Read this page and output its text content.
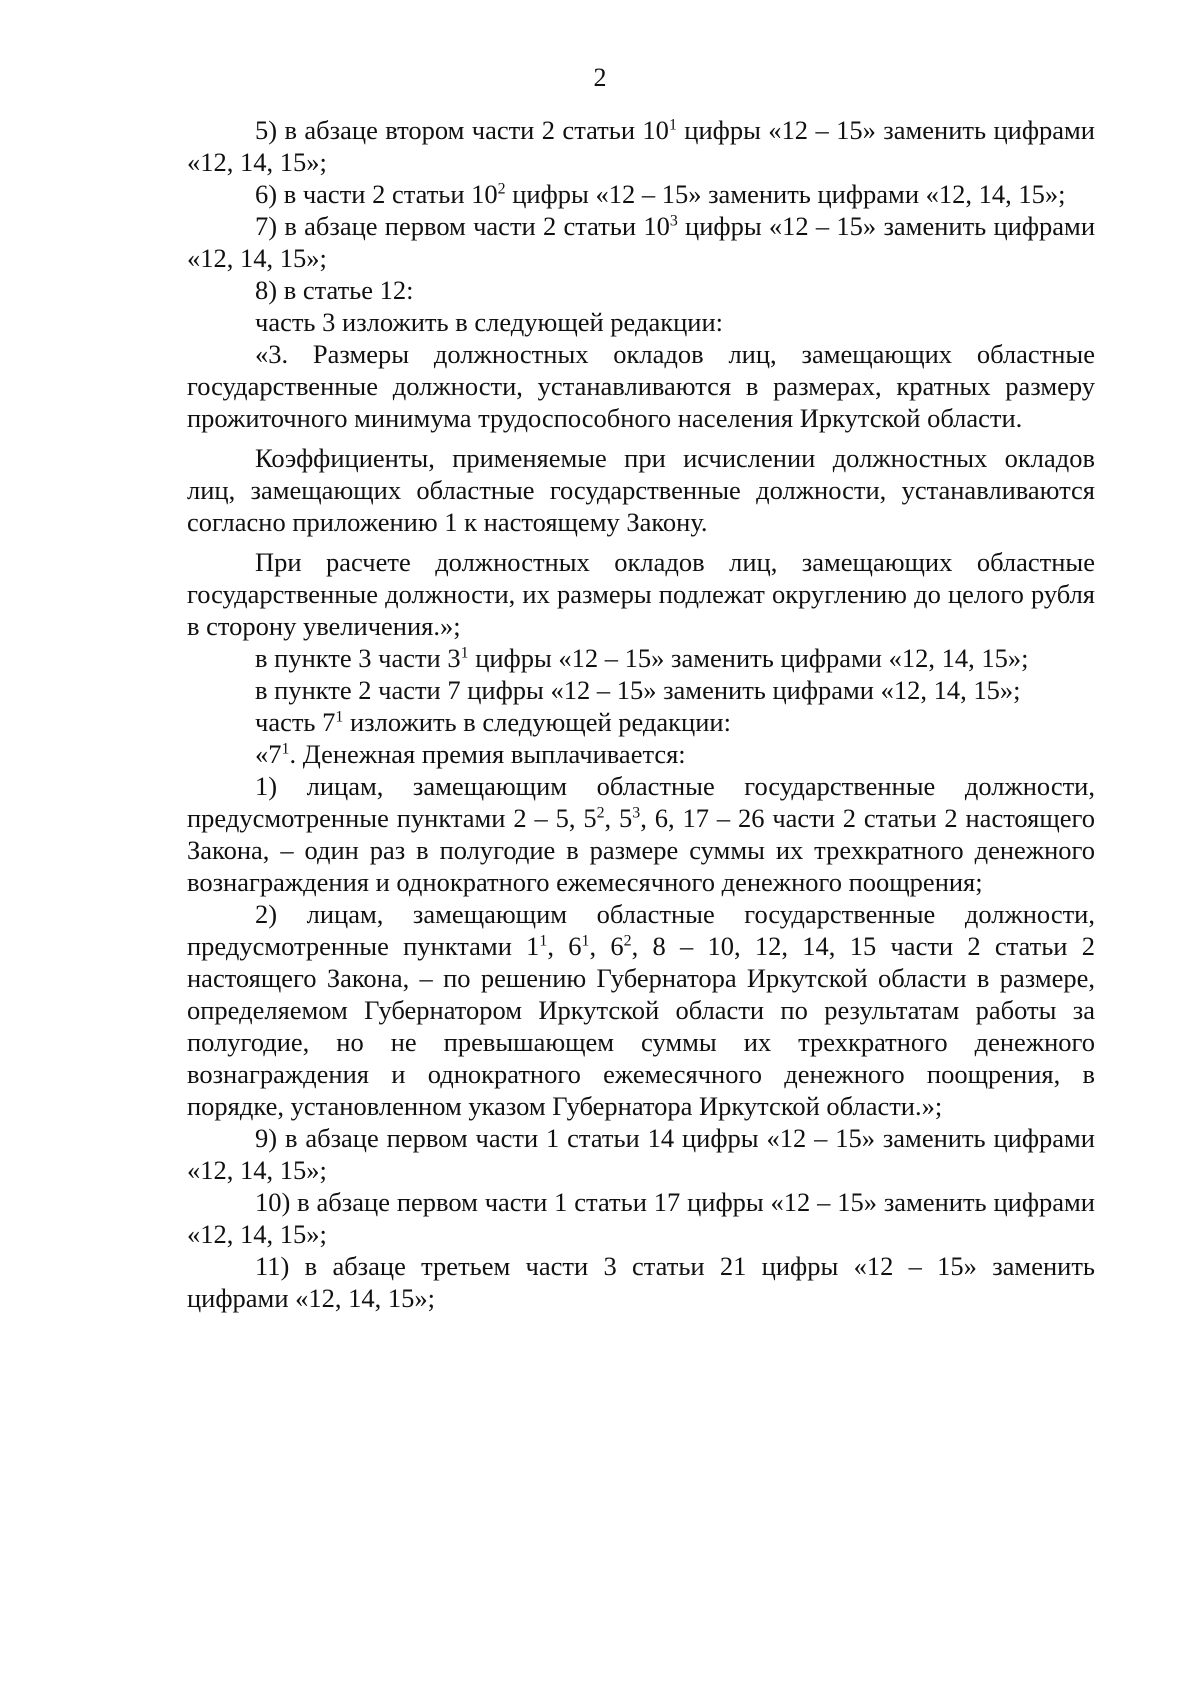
2

5) в абзаце втором части 2 статьи $10^1$ цифры «12 – 15» заменить цифрами «12, 14, 15»;

6) в части 2 статьи $10^2$ цифры «12 – 15» заменить цифрами «12, 14, 15»;

7) в абзаце первом части 2 статьи $10^3$ цифры «12 – 15» заменить цифрами «12, 14, 15»;

8) в статье 12:

часть 3 изложить в следующей редакции:

«3. Размеры должностных окладов лиц, замещающих областные государственные должности, устанавливаются в размерах, кратных размеру прожиточного минимума трудоспособного населения Иркутской области.

Коэффициенты, применяемые при исчислении должностных окладов лиц, замещающих областные государственные должности, устанавливаются согласно приложению 1 к настоящему Закону.

При расчете должностных окладов лиц, замещающих областные государственные должности, их размеры подлежат округлению до целого рубля в сторону увеличения.»;

в пункте 3 части $3^1$ цифры «12 – 15» заменить цифрами «12, 14, 15»;

в пункте 2 части 7 цифры «12 – 15» заменить цифрами «12, 14, 15»;

часть $7^1$ изложить в следующей редакции:

«$7^1$. Денежная премия выплачивается:

1) лицам, замещающим областные государственные должности, предусмотренные пунктами 2 – 5, $5^2$, $5^3$, 6, 17 – 26 части 2 статьи 2 настоящего Закона, – один раз в полугодие в размере суммы их трехкратного денежного вознаграждения и однократного ежемесячного денежного поощрения;

2) лицам, замещающим областные государственные должности, предусмотренные пунктами $1^1$, $6^1$, $6^2$, 8 – 10, 12, 14, 15 части 2 статьи 2 настоящего Закона, – по решению Губернатора Иркутской области в размере, определяемом Губернатором Иркутской области по результатам работы за полугодие, но не превышающем суммы их трехкратного денежного вознаграждения и однократного ежемесячного денежного поощрения, в порядке, установленном указом Губернатора Иркутской области.»;

9) в абзаце первом части 1 статьи 14 цифры «12 – 15» заменить цифрами «12, 14, 15»;

10) в абзаце первом части 1 статьи 17 цифры «12 – 15» заменить цифрами «12, 14, 15»;

11) в абзаце третьем части 3 статьи 21 цифры «12 – 15» заменить цифрами «12, 14, 15»;
